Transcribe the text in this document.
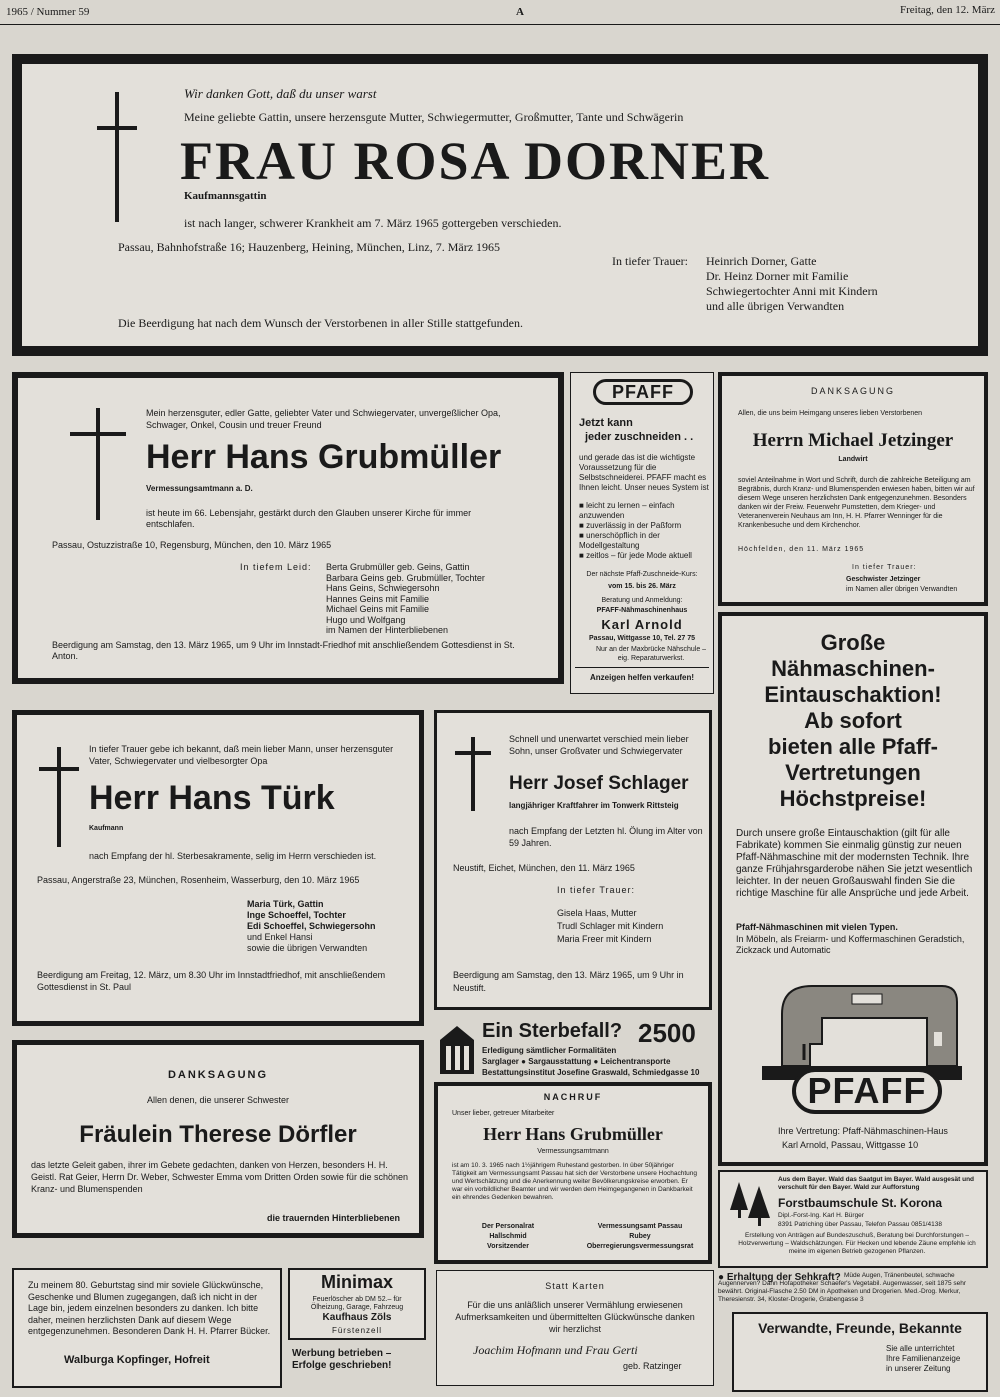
1965 / Nummer 59	A	Freitag, den 12. März
Wir danken Gott, daß du unser warst
Meine geliebte Gattin, unsere herzensgute Mutter, Schwiegermutter, Großmutter, Tante und Schwägerin
FRAU ROSA DORNER
Kaufmannsgattin
ist nach langer, schwerer Krankheit am 7. März 1965 gottergeben verschieden.
Passau, Bahnhofstraße 16; Hauzenberg, Heining, München, Linz, 7. März 1965
In tiefer Trauer: Heinrich Dorner, Gatte
Dr. Heinz Dorner mit Familie
Schwiegertochter Anni mit Kindern
und alle übrigen Verwandten
Die Beerdigung hat nach dem Wunsch der Verstorbenen in aller Stille stattgefunden.
Mein herzensguter, edler Gatte, geliebter Vater und Schwiegervater, unvergeßlicher Opa,
Schwager, Onkel, Cousin und treuer Freund
Herr Hans Grubmüller
Vermessungsamtmann a. D.
ist heute im 66. Lebensjahr, gestärkt durch den Glauben unserer Kirche für immer entschlafen.
Passau, Ostuzzistraße 10, Regensburg, München, den 10. März 1965
In tiefem Leid: Berta Grubmüller geb. Geins, Gattin
Barbara Geins geb. Grubmüller, Tochter
Hans Geins, Schwiegersohn
Hannes Geins mit Familie
Michael Geins mit Familie
Hugo und Wolfgang
im Namen der Hinterbliebenen
Beerdigung am Samstag, den 13. März 1965, um 9 Uhr im Innstadt-Friedhof mit anschließendem Gottesdienst in St. Anton.
PFAFF
Jetzt kann
jeder zuschneiden . .
und gerade das ist die wichtigste Voraussetzung für die Selbstschneiderei. PFAFF macht es Ihnen leicht. Unser neues System ist
■ leicht zu lernen – einfach anzuwenden
■ zuverlässig in der Paßform
■ unerschöpflich in der Modellgestaltung
■ zeitlos – für jede Mode aktuell
Der nächste Pfaff-Zuschneide-Kurs:
vom 15. bis 26. März
Beratung und Anmeldung:
PFAFF-Nähmaschinenhaus
Karl Arnold
Passau, Wittgasse 10, Tel. 27 75
Nur an der Maxbrücke Nähschule – eig. Reparaturwerkst.
Anzeigen helfen verkaufen!
DANKSAGUNG
Allen, die uns beim Heimgang unseres lieben Verstorbenen
Herrn Michael Jetzinger
Landwirt
soviel Anteilnahme in Wort und Schrift, durch die zahlreiche Beteiligung am Begräbnis, durch Kranz- und Blumenspenden erwiesen haben, bitten wir auf diesem Wege unseren herzlichsten Dank entgegenzunehmen. Besonders danken wir der Freiw. Feuerwehr Pumstetten, dem Krieger- und Veteranenverein Neuhaus am Inn, H. H. Pfarrer Wenninger für die Krankenbesuche und dem Kirchenchor.
Höchfelden, den 11. März 1965
In tiefer Trauer:
Geschwister Jetzinger
im Namen aller übrigen Verwandten
Große
Nähmaschinen-
Eintauschaktion!
Ab sofort
bieten alle Pfaff-
Vertretungen
Höchstpreise!
Durch unsere große Eintauschaktion (gilt für alle Fabrikate) kommen Sie einmalig günstig zur neuen Pfaff-Nähmaschine mit der modernsten Technik. Ihre ganze Frühjahrsgarderobe nähen Sie jetzt wesentlich leichter. In der neuen Großauswahl finden Sie die richtige Maschine für alle Ansprüche und jede Arbeit.
Pfaff-Nähmaschinen mit vielen Typen.
In Möbeln, als Freiarm- und Koffermaschinen Geradstich, Zickzack und Automatic
PFAFF
Ihre Vertretung: Pfaff-Nähmaschinen-Haus
Karl Arnold, Passau, Wittgasse 10
In tiefer Trauer gebe ich bekannt, daß mein lieber Mann, unser herzensguter Vater, Schwiegervater und vielbesorgter Opa
Herr Hans Türk
Kaufmann
nach Empfang der hl. Sterbesakramente, selig im Herrn verschieden ist.
Passau, Angerstraße 23, München, Rosenheim, Wasserburg, den 10. März 1965
Maria Türk, Gattin
Inge Schoeffel, Tochter
Edi Schoeffel, Schwiegersohn
und Enkel Hansi
sowie die übrigen Verwandten
Beerdigung am Freitag, 12. März, um 8.30 Uhr im Innstadtfriedhof, mit anschließendem Gottesdienst in St. Paul
Schnell und unerwartet verschied mein lieber Sohn, unser Großvater und Schwiegervater
Herr Josef Schlager
langjähriger Kraftfahrer im Tonwerk Rittsteig
nach Empfang der Letzten hl. Ölung im Alter von 59 Jahren.
Neustift, Eichet, München, den 11. März 1965
In tiefer Trauer:
Gisela Haas, Mutter
Trudl Schlager mit Kindern
Maria Freer mit Kindern
Beerdigung am Samstag, den 13. März 1965, um 9 Uhr in Neustift.
Ein Sterbefall? 2500
Erledigung sämtlicher Formalitäten
Sarglager ● Sargausstattung ● Leichentransporte
Bestattungsinstitut Josefine Graswald, Schmiedgasse 10
DANKSAGUNG
Allen denen, die unserer Schwester
Fräulein Therese Dörfler
das letzte Geleit gaben, ihrer im Gebete gedachten, danken von Herzen, besonders H. H. Geistl. Rat Geier, Herrn Dr. Weber, Schwester Emma vom Dritten Orden sowie für die schönen Kranz- und Blumenspenden
die trauernden Hinterbliebenen
NACHRUF
Unser lieber, getreuer Mitarbeiter
Herr Hans Grubmüller
Vermessungsamtmann
ist am 10. 3. 1965 nach 1½jährigem Ruhestand gestorben. In über 50jähriger Tätigkeit am Vermessungsamt Passau hat sich der Verstorbene unsere Hochachtung und Wertschätzung und die Anerkennung weiter Bevölkerungskreise erworben. Er war ein vorbildlicher Beamter und wir werden dem Heimgegangenen in Dankbarkeit ein ehrendes Gedenken bewahren.
Der Personalrat
Hallschmid
Vorsitzender
Vermessungsamt Passau
Rubey
Oberregierungsvermessungsrat
Aus dem Bayer. Wald das Saatgut im Bayer. Wald ausgesät und verschult für den Bayer. Wald zur Aufforstung
Forstbaumschule St. Korona
Dipl.-Forst-Ing. Karl H. Bürger
8391 Patriching über Passau, Telefon Passau 0851/4138
Erstellung von Anträgen auf Bundeszuschuß, Beratung bei Durchforstungen – Holzverwertung – Waldschätzungen. Für Hecken und lebende Zäune empfehle ich meine im eigenen Betrieb gezogenen Pflanzen.
● Erhaltung der Sehkraft? Müde Augen, Tränenbeutel, schwache Augennerven? Dann Hofapotheker Schaefer's Vegetabil. Augenwasser, seit 1875 sehr bewährt. Original-Flasche 2.50 DM in Apotheken und Drogerien. Med.-Drog. Merkur, Theresienstr. 34, Kloster-Drogerie, Grabengasse 3
Verwandte, Freunde, Bekannte
Sie alle unterrichtet
Ihre Familienanzeige
in unserer Zeitung
Zu meinem 80. Geburtstag sind mir soviele Glückwünsche, Geschenke und Blumen zugegangen, daß ich nicht in der Lage bin, jedem einzelnen besonders zu danken. Ich bitte daher, meinen herzlichsten Dank auf diesem Wege entgegenzunehmen. Besonderen Dank H. H. Pfarrer Bücker.
Walburga Kopfinger, Hofreit
Minimax
Feuerlöscher ab DM 52.– für Ölheizung, Garage, Fahrzeug
Kaufhaus Zöls
Fürstenzell
Werbung betrieben – Erfolge geschrieben!
Statt Karten
Für die uns anläßlich unserer Vermählung erwiesenen Aufmerksamkeiten und übermittelten Glückwünsche danken wir herzlichst
Joachim Hofmann und Frau Gerti
geb. Ratzinger
